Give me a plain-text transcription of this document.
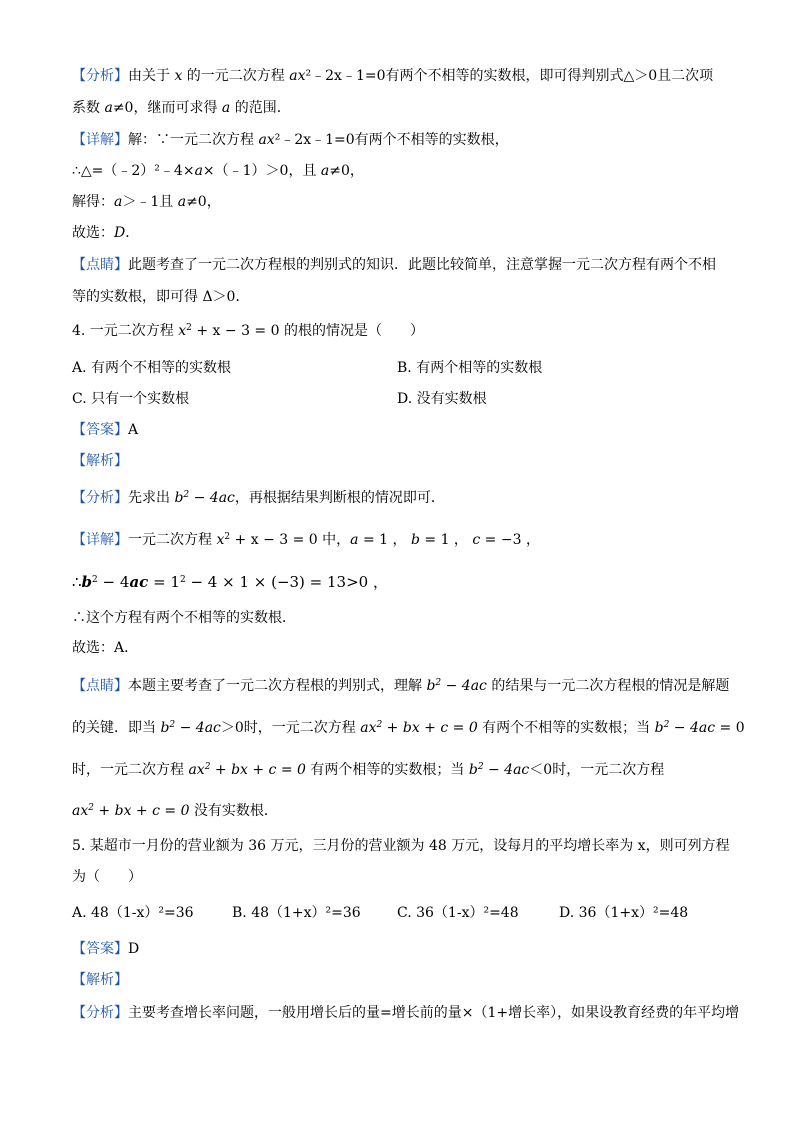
【分析】由关于 x 的一元二次方程 ax²﹣2x﹣1=0有两个不相等的实数根，即可得判别式△＞0且二次项
系数 a≠0，继而可求得 a 的范围．
【详解】解：∵一元二次方程 ax²﹣2x﹣1=0有两个不相等的实数根，
∴△=（﹣2）²﹣4×a×（﹣1）＞0，且 a≠0，
解得：a＞﹣1且 a≠0，
故选：D．
【点睛】此题考查了一元二次方程根的判别式的知识．此题比较简单，注意掌握一元二次方程有两个不相
等的实数根，即可得 Δ＞0．
4. 一元二次方程 $x^2 + x - 3 = 0$ 的根的情况是（　　）
A. 有两个不相等的实数根	B. 有两个相等的实数根
C. 只有一个实数根	D. 没有实数根
【答案】A
【解析】
【分析】先求出 $b^2 - 4ac$，再根据结果判断根的情况即可．
【详解】一元二次方程 $x^2 + x - 3 = 0$ 中，a = 1 ， b = 1 ， c = −3 ，
$\therefore b^2 - 4ac = 1^2 - 4 \times 1 \times (-3) = 13>0$ ，
∴这个方程有两个不相等的实数根．
故选：A．
【点睛】本题主要考查了一元二次方程根的判别式，理解 $b^2 - 4ac$ 的结果与一元二次方程根的情况是解题
的关键．即当 $b^2 - 4ac>0$时，一元二次方程 $ax^2$ + bx + c = 0 有两个不相等的实数根；当 $b^2 - 4ac = 0$
时，一元二次方程 $ax^2$ + bx + c = 0 有两个相等的实数根；当 $b^2 - 4ac<0$时，一元二次方程
$ax^2$ + bx + c = 0 没有实数根．
5. 某超市一月份的营业额为 36 万元，三月份的营业额为 48 万元，设每月的平均增长率为 x，则可列方程
为（　　）
A. 48（1-x）²=36	B. 48（1+x）²=36	C. 36（1-x）²=48	D. 36（1+x）²=48
【答案】D
【解析】
【分析】主要考查增长率问题，一般用增长后的量=增长前的量×（1+增长率），如果设教育经费的年平均增
